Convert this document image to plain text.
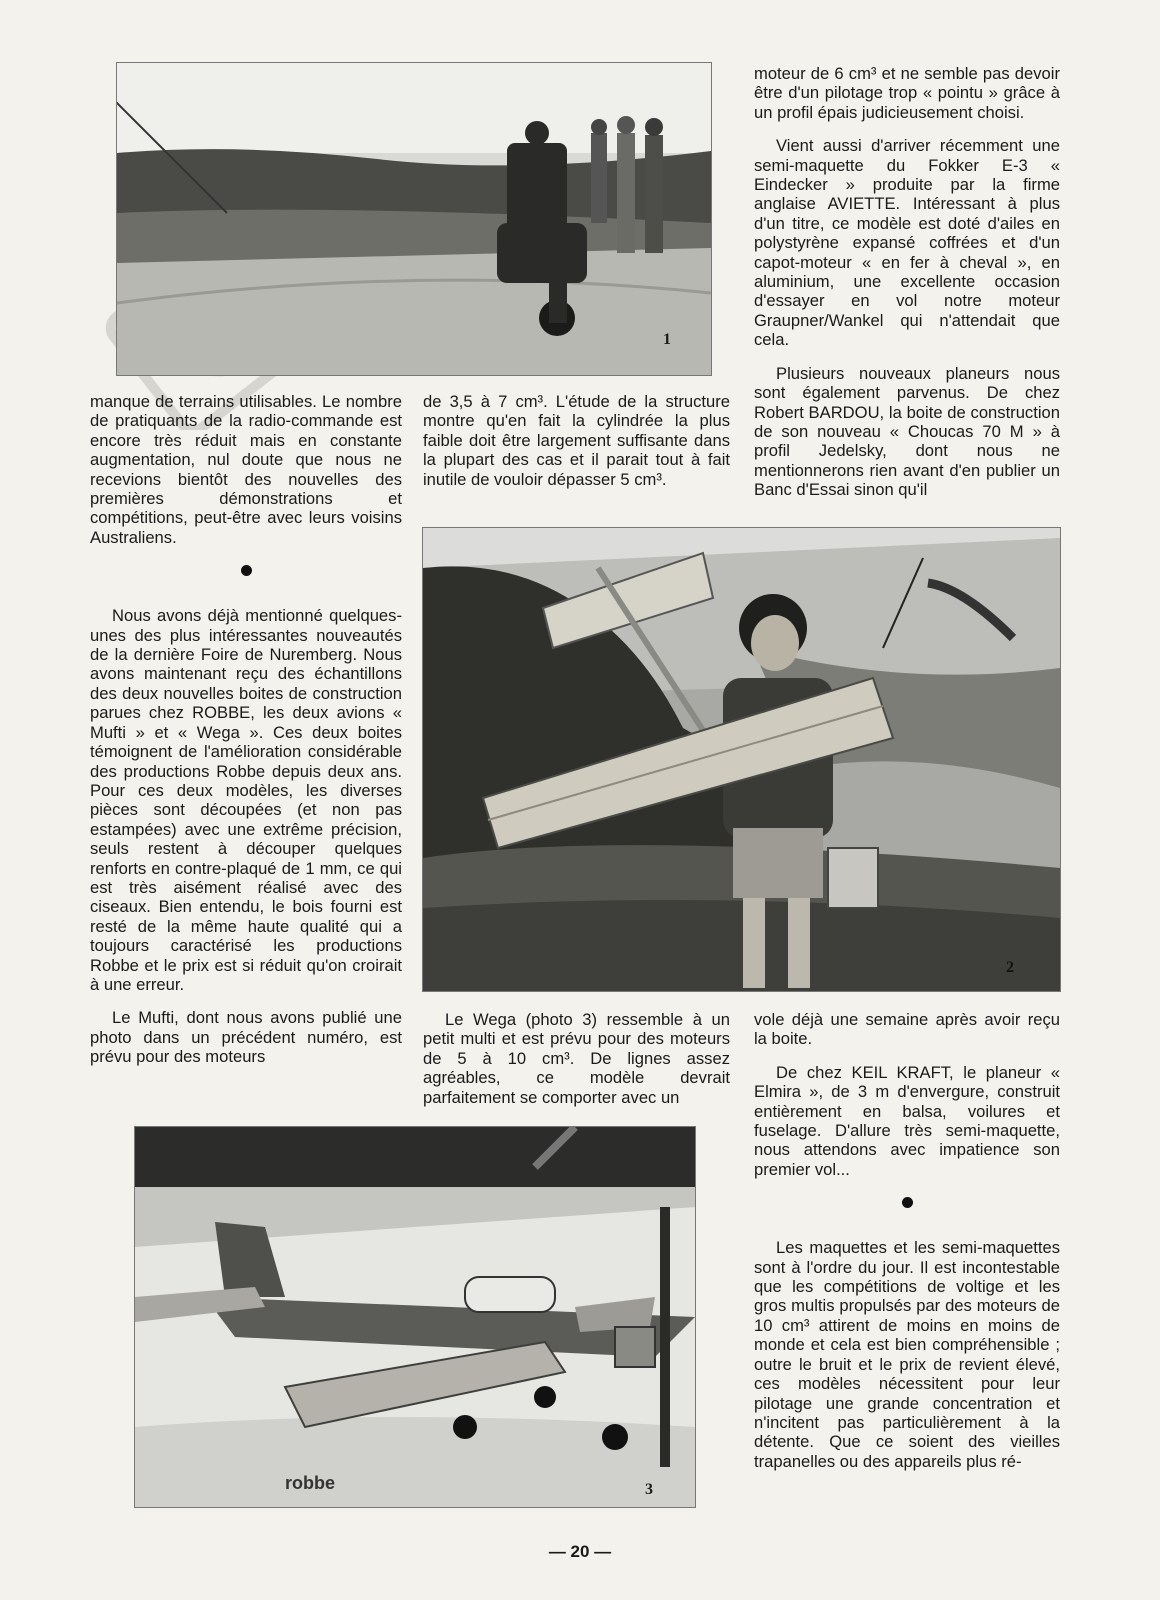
1
2
robbe	3

manque de terrains utilisables. Le nombre de pratiquants de la radio-commande est encore très réduit mais en constante augmentation, nul doute que nous ne recevions bientôt des nouvelles des premières démonstrations et compétitions, peut-être avec leurs voisins Australiens.

Nous avons déjà mentionné quelques-unes des plus intéressantes nouveautés de la dernière Foire de Nuremberg. Nous avons maintenant reçu des échantillons des deux nouvelles boites de construction parues chez ROBBE, les deux avions « Mufti » et « Wega ». Ces deux boites témoignent de l'amélioration considérable des productions Robbe depuis deux ans. Pour ces deux modèles, les diverses pièces sont découpées (et non pas estampées) avec une extrême précision, seuls restent à découper quelques renforts en contre-plaqué de 1 mm, ce qui est très aisément réalisé avec des ciseaux. Bien entendu, le bois fourni est resté de la même haute qualité qui a toujours caractérisé les productions Robbe et le prix est si réduit qu'on croirait à une erreur.

Le Mufti, dont nous avons publié une photo dans un précédent numéro, est prévu pour des moteurs

de 3,5 à 7 cm³. L'étude de la structure montre qu'en fait la cylindrée la plus faible doit être largement suffisante dans la plupart des cas et il parait tout à fait inutile de vouloir dépasser 5 cm³.

Le Wega (photo 3) ressemble à un petit multi et est prévu pour des moteurs de 5 à 10 cm³. De lignes assez agréables, ce modèle devrait parfaitement se comporter avec un

moteur de 6 cm³ et ne semble pas devoir être d'un pilotage trop « pointu » grâce à un profil épais judicieusement choisi.

Vient aussi d'arriver récemment une semi-maquette du Fokker E-3 « Eindecker » produite par la firme anglaise AVIETTE. Intéressant à plus d'un titre, ce modèle est doté d'ailes en polystyrène expansé coffrées et d'un capot-moteur « en fer à cheval », en aluminium, une excellente occasion d'essayer en vol notre moteur Graupner/Wankel qui n'attendait que cela.

Plusieurs nouveaux planeurs nous sont également parvenus. De chez Robert BARDOU, la boite de construction de son nouveau « Choucas 70 M » à profil Jedelsky, dont nous ne mentionnerons rien avant d'en publier un Banc d'Essai sinon qu'il

vole déjà une semaine après avoir reçu la boite.

De chez KEIL KRAFT, le planeur « Elmira », de 3 m d'envergure, construit entièrement en balsa, voilures et fuselage. D'allure très semi-maquette, nous attendons avec impatience son premier vol...

Les maquettes et les semi-maquettes sont à l'ordre du jour. Il est incontestable que les compétitions de voltige et les gros multis propulsés par des moteurs de 10 cm³ attirent de moins en moins de monde et cela est bien compréhensible ; outre le bruit et le prix de revient élevé, ces modèles nécessitent pour leur pilotage une grande concentration et n'incitent pas particulièrement à la détente. Que ce soient des vieilles trapanelles ou des appareils plus ré-

— 20 —
